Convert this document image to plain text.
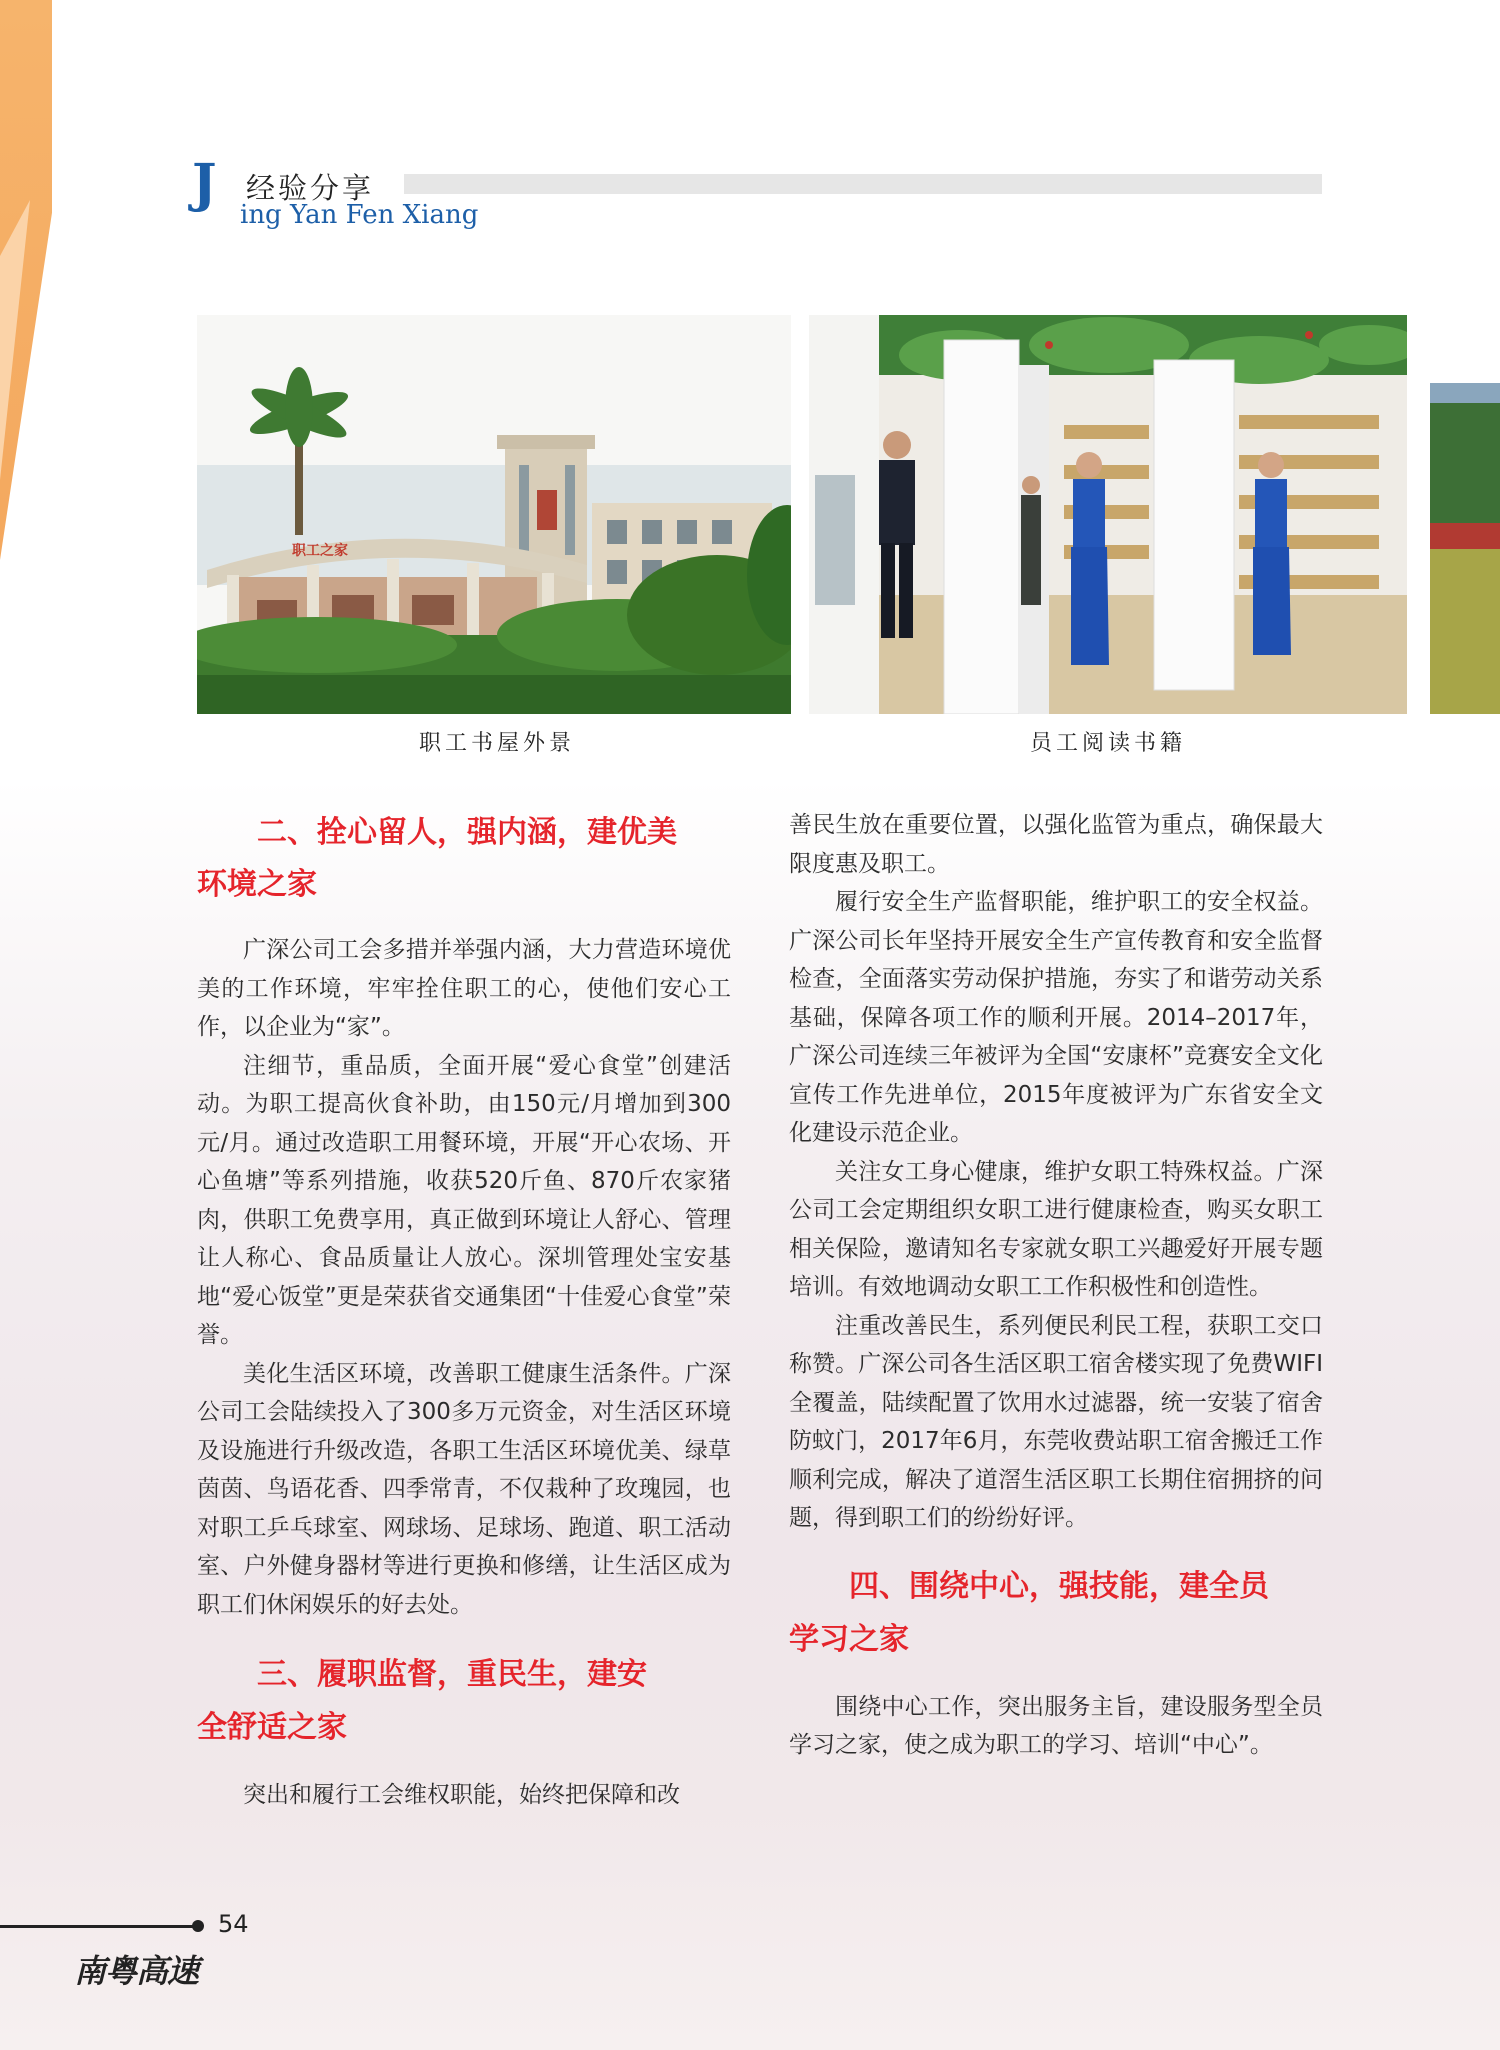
J 经验分享
ing Yan Fen Xiang
职工之家
职工书屋外景	员工阅读书籍

二、拴心留人，强内涵，建优美

环境之家

广深公司工会多措并举强内涵，大力营造环境优美的工作环境，牢牢拴住职工的心，使他们安心工作，以企业为“家”。

注细节，重品质，全面开展“爱心食堂”创建活动。为职工提高伙食补助，由150元/月增加到300元/月。通过改造职工用餐环境，开展“开心农场、开心鱼塘”等系列措施，收获520斤鱼、870斤农家猪肉，供职工免费享用，真正做到环境让人舒心、管理让人称心、食品质量让人放心。深圳管理处宝安基地“爱心饭堂”更是荣获省交通集团“十佳爱心食堂”荣誉。

美化生活区环境，改善职工健康生活条件。广深公司工会陆续投入了300多万元资金，对生活区环境及设施进行升级改造，各职工生活区环境优美、绿草茵茵、鸟语花香、四季常青，不仅栽种了玫瑰园，也对职工乒乓球室、网球场、足球场、跑道、职工活动室、户外健身器材等进行更换和修缮，让生活区成为职工们休闲娱乐的好去处。

三、履职监督，重民生，建安

全舒适之家

突出和履行工会维权职能，始终把保障和改

善民生放在重要位置，以强化监管为重点，确保最大限度惠及职工。

履行安全生产监督职能，维护职工的安全权益。广深公司长年坚持开展安全生产宣传教育和安全监督检查，全面落实劳动保护措施，夯实了和谐劳动关系基础，保障各项工作的顺利开展。2014–2017年，广深公司连续三年被评为全国“安康杯”竞赛安全文化宣传工作先进单位，2015年度被评为广东省安全文化建设示范企业。

关注女工身心健康，维护女职工特殊权益。广深公司工会定期组织女职工进行健康检查，购买女职工相关保险，邀请知名专家就女职工兴趣爱好开展专题培训。有效地调动女职工工作积极性和创造性。

注重改善民生，系列便民利民工程，获职工交口称赞。广深公司各生活区职工宿舍楼实现了免费WIFI全覆盖，陆续配置了饮用水过滤器，统一安装了宿舍防蚊门，2017年6月，东莞收费站职工宿舍搬迁工作顺利完成，解决了道滘生活区职工长期住宿拥挤的问题，得到职工们的纷纷好评。

四、围绕中心，强技能，建全员

学习之家

围绕中心工作，突出服务主旨，建设服务型全员学习之家，使之成为职工的学习、培训“中心”。

54
南粤高速
